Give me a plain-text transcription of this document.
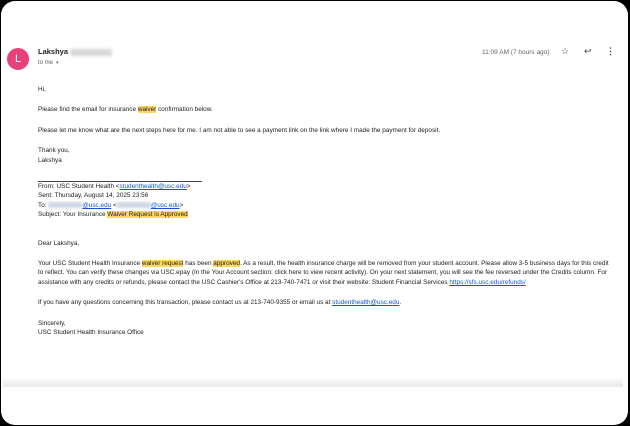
L
Lakshya
to me ▾
11:09 AM (7 hours ago) ☆ ↩ ⋮

Hi,

Please find the email for insurance waiver confirmation below.

Please let me know what are the next steps here for me. I am not able to see a payment link on the link where I made the payment for deposit.

Thank you,

Lakshya

From: USC Student Health <studenthealth@usc.edu>

Sent: Thursday, August 14, 2025 23:56

To:	@usc.edu <	@usc.edu>

Subject: Your Insurance Waiver Request is Approved

Dear Lakshya,

Your USC Student Health Insurance waiver request has been approved. As a result, the health insurance charge will be removed from your student account. Please allow 3-5 business days for this credit to reflect. You can verify these changes via USC.epay (In the Your Account section: click here to view recent activity). On your next statement, you will see the fee reversed under the Credits column. For assistance with any credits or refunds, please contact the USC Cashier's Office at 213-740-7471 or visit their website: Student Financial Services https://sfs.usc.edu/refunds/

If you have any questions concerning this transaction, please contact us at 213-740-9355 or email us at studenthealth@usc.edu.

Sincerely,

USC Student Health Insurance Office
